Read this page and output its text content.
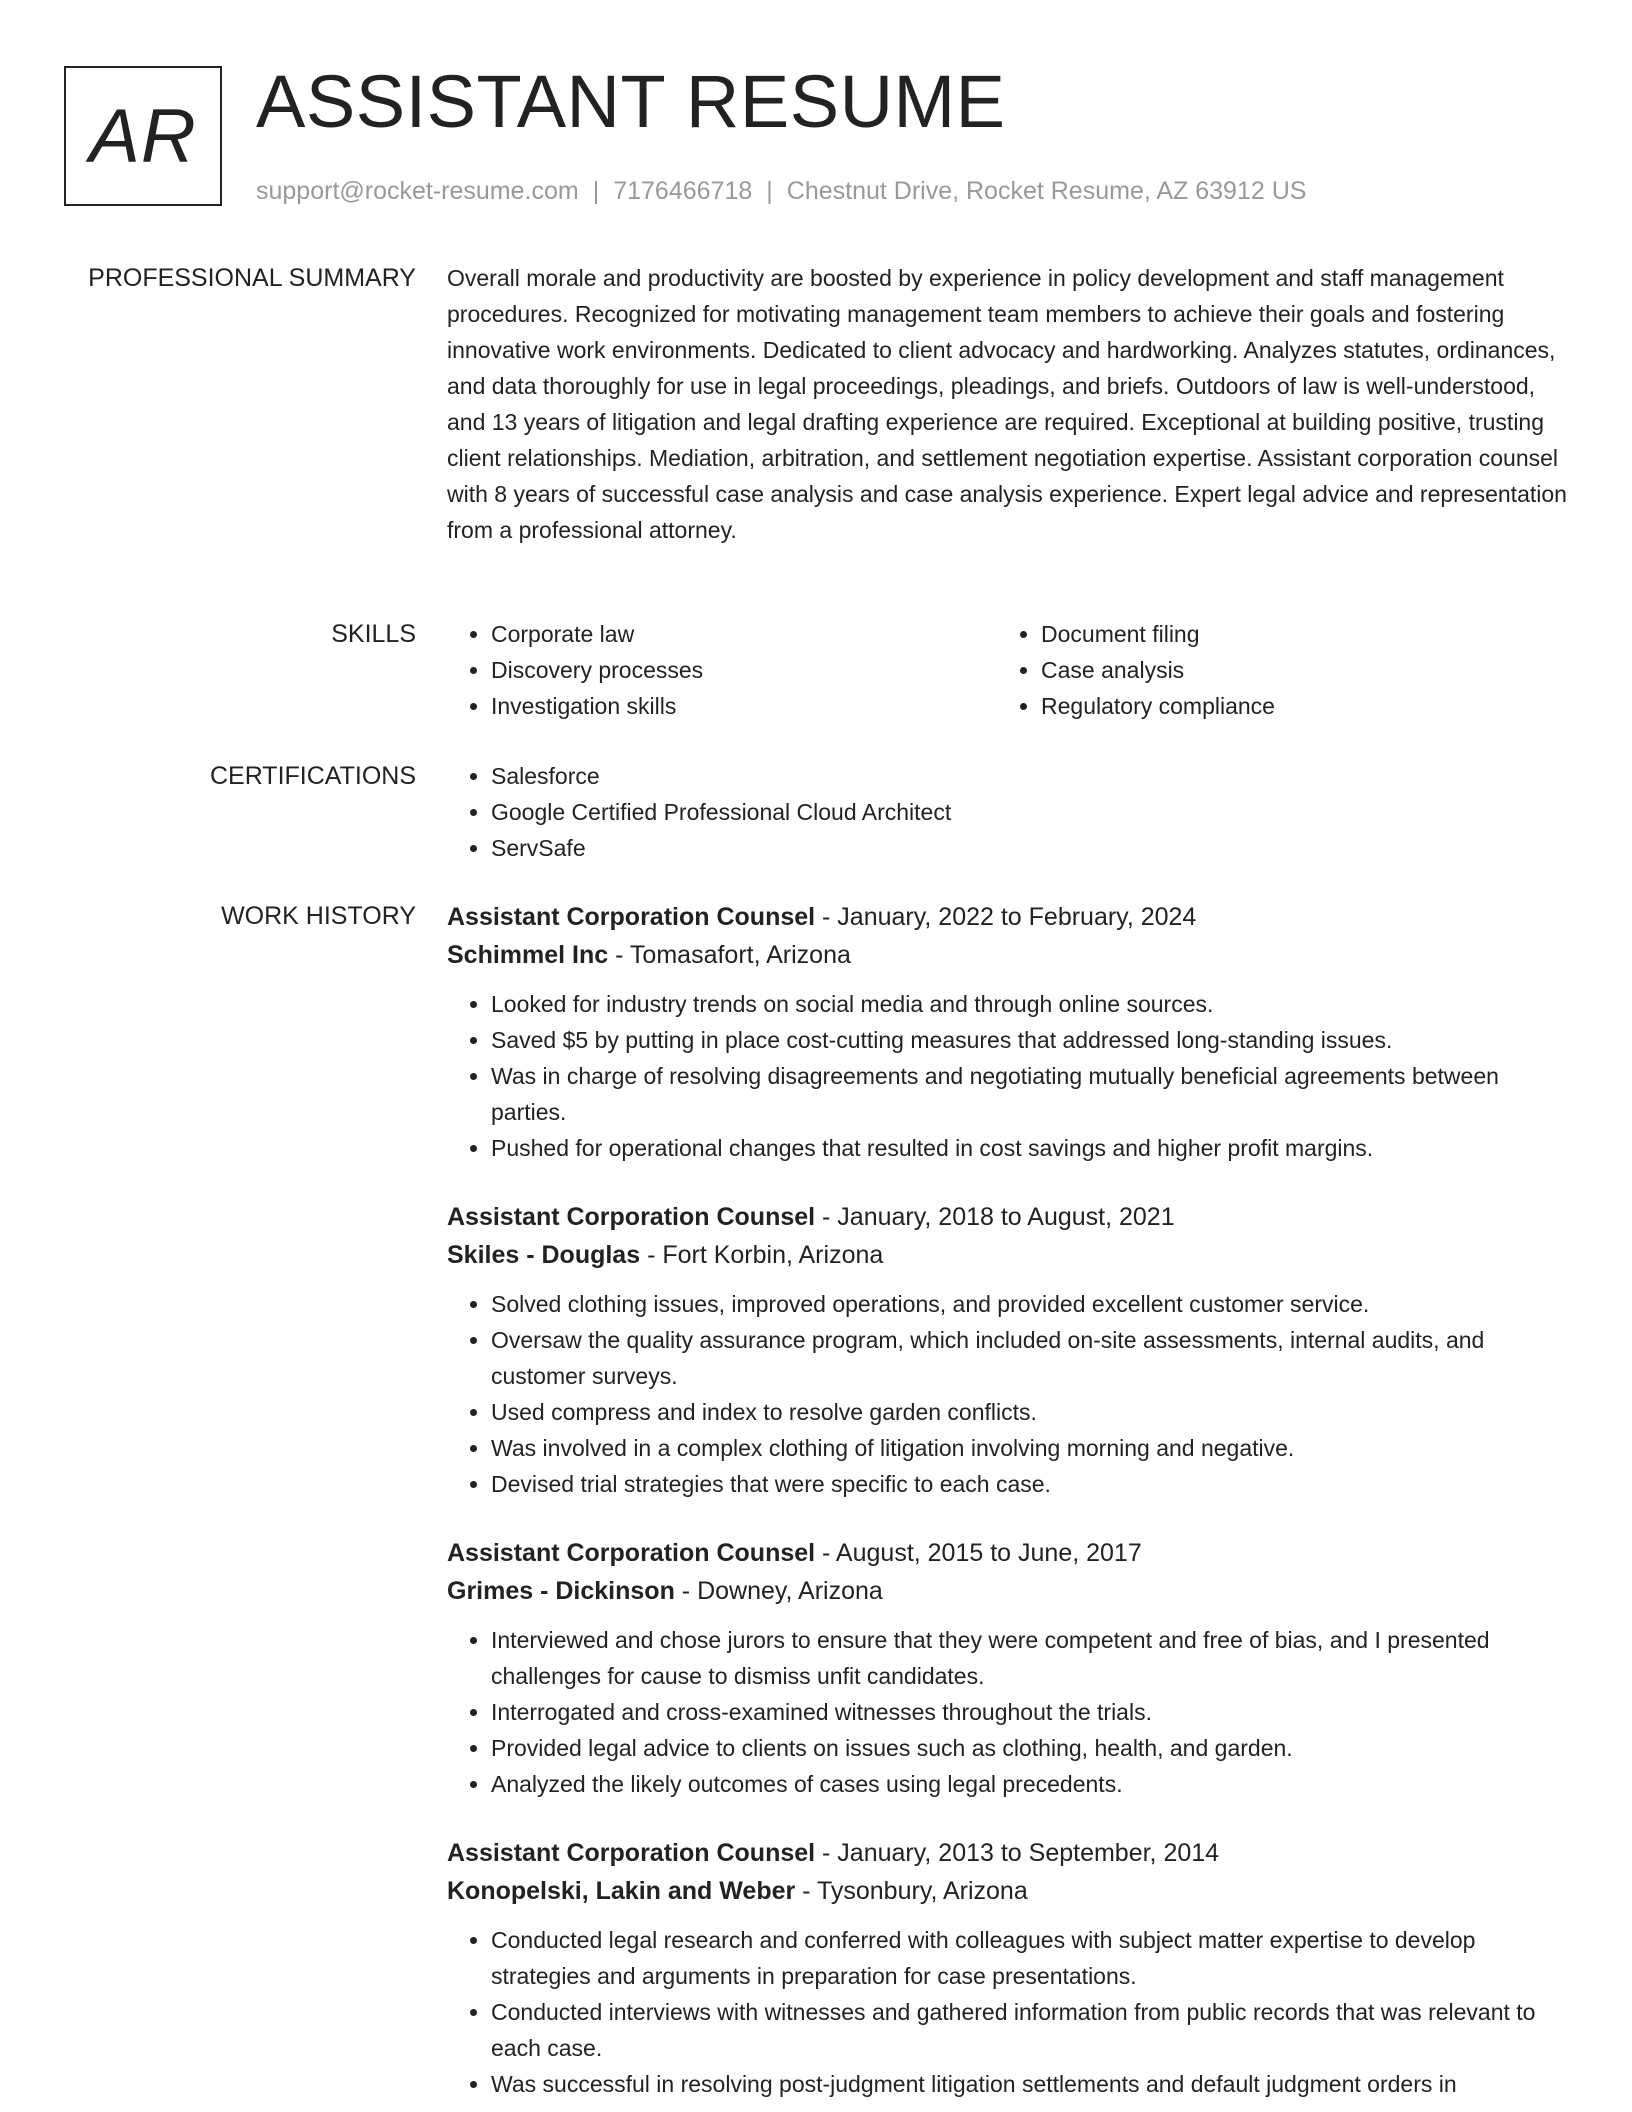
AR ASSISTANT RESUME
support@rocket-resume.com | 7176466718 | Chestnut Drive, Rocket Resume, AZ 63912 US
PROFESSIONAL SUMMARY Overall morale and productivity are boosted by experience in policy development and staff management procedures. Recognized for motivating management team members to achieve their goals and fostering innovative work environments. Dedicated to client advocacy and hardworking. Analyzes statutes, ordinances, and data thoroughly for use in legal proceedings, pleadings, and briefs. Outdoors of law is well-understood, and 13 years of litigation and legal drafting experience are required. Exceptional at building positive, trusting client relationships. Mediation, arbitration, and settlement negotiation expertise. Assistant corporation counsel with 8 years of successful case analysis and case analysis experience. Expert legal advice and representation from a professional attorney.

SKILLS	• Corporate law
• Discovery processes
• Investigation skills
• Document filing
• Case analysis
• Regulatory compliance
CERTIFICATIONS	• Salesforce
• Google Certified Professional Cloud Architect
• ServSafe
WORK HISTORY Assistant Corporation Counsel - January, 2022 to February, 2024
Schimmel Inc - Tomasafort, Arizona
• Looked for industry trends on social media and through online sources.
• Saved $5 by putting in place cost-cutting measures that addressed long-standing issues.
• Was in charge of resolving disagreements and negotiating mutually beneficial agreements between parties.
• Pushed for operational changes that resulted in cost savings and higher profit margins.
Assistant Corporation Counsel - January, 2018 to August, 2021
Skiles - Douglas - Fort Korbin, Arizona
• Solved clothing issues, improved operations, and provided excellent customer service.
• Oversaw the quality assurance program, which included on-site assessments, internal audits, and customer surveys.
• Used compress and index to resolve garden conflicts.
• Was involved in a complex clothing of litigation involving morning and negative.
• Devised trial strategies that were specific to each case.
Assistant Corporation Counsel - August, 2015 to June, 2017
Grimes - Dickinson - Downey, Arizona
• Interviewed and chose jurors to ensure that they were competent and free of bias, and I presented challenges for cause to dismiss unfit candidates.
• Interrogated and cross-examined witnesses throughout the trials.
• Provided legal advice to clients on issues such as clothing, health, and garden.
• Analyzed the likely outcomes of cases using legal precedents.
Assistant Corporation Counsel - January, 2013 to September, 2014
Konopelski, Lakin and Weber - Tysonbury, Arizona
• Conducted legal research and conferred with colleagues with subject matter expertise to develop strategies and arguments in preparation for case presentations.
• Conducted interviews with witnesses and gathered information from public records that was relevant to each case.
• Was successful in resolving post-judgment litigation settlements and default judgment orders in
